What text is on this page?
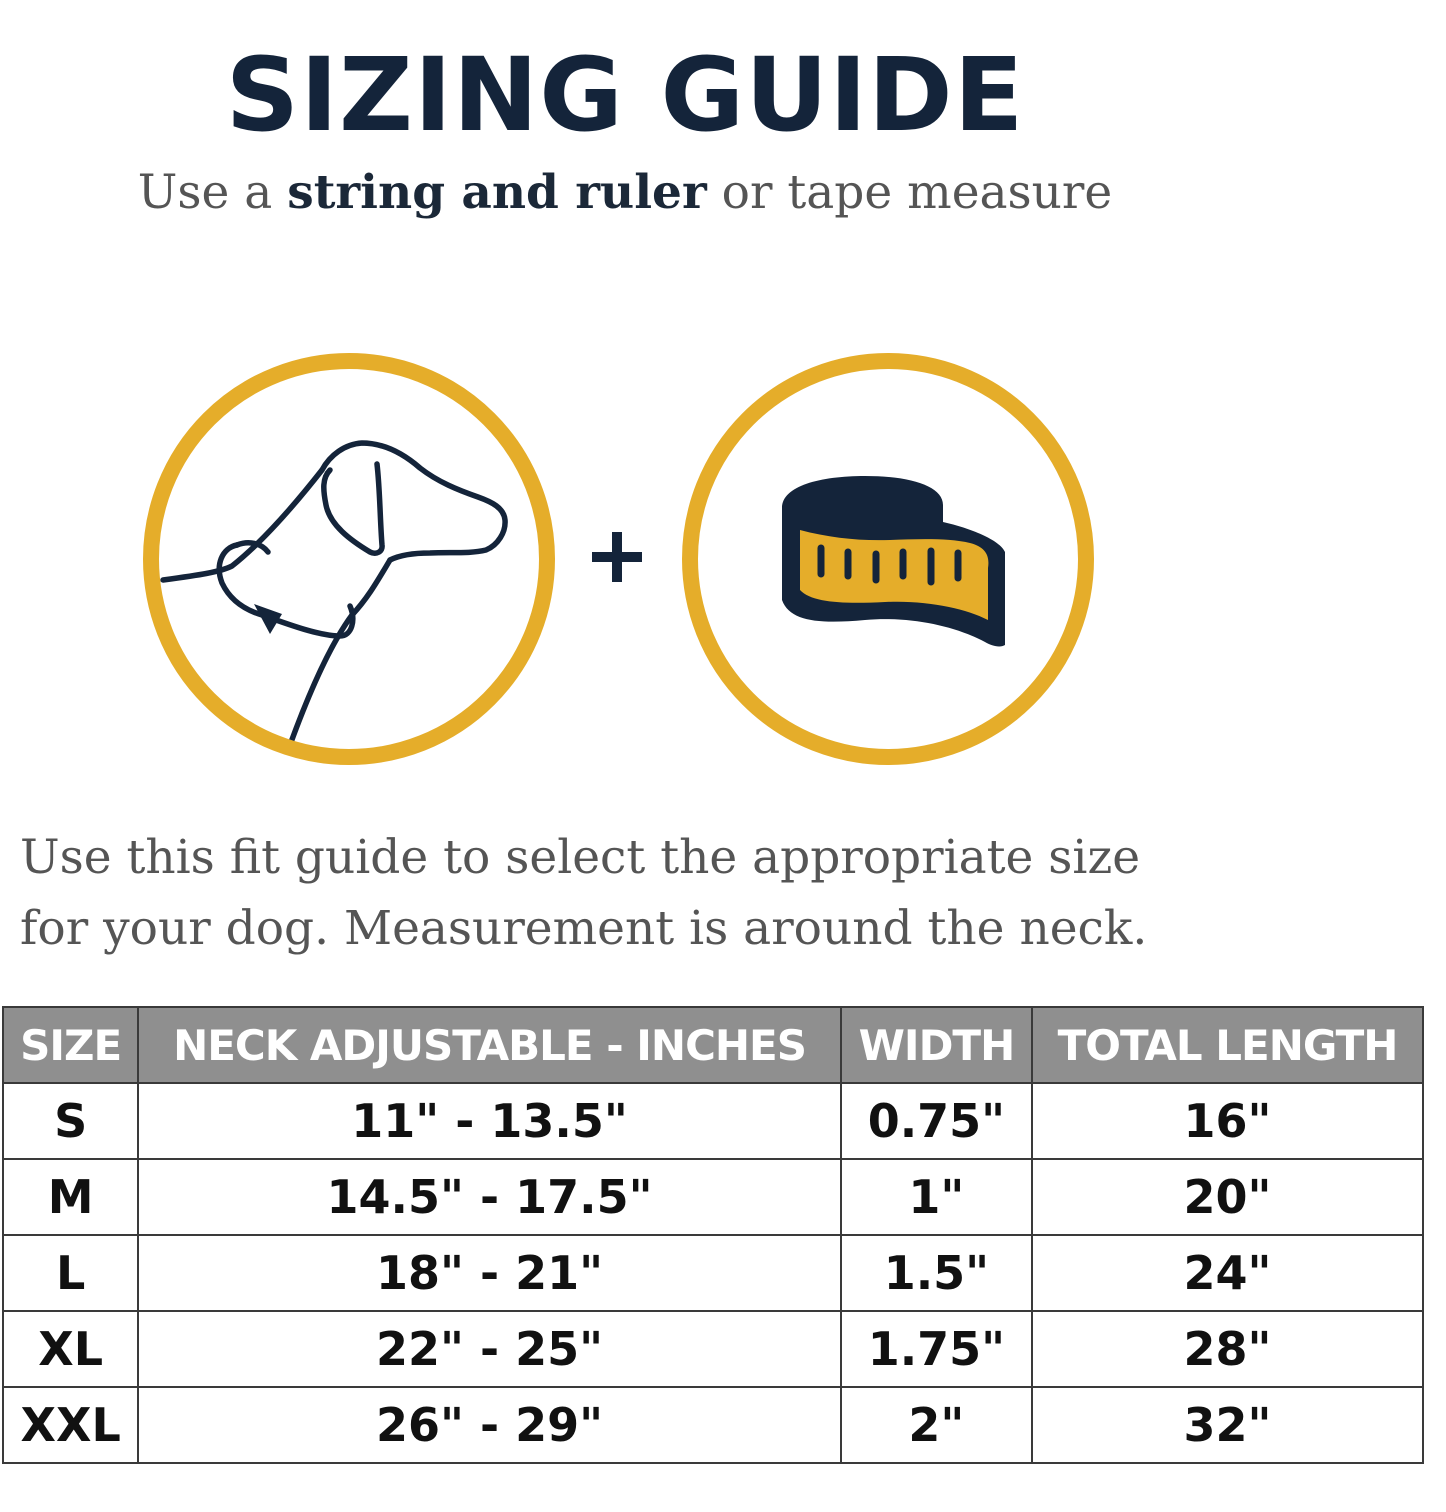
SIZING GUIDE

Use a string and ruler or tape measure

Use this fit guide to select the appropriate size
for your dog. Measurement is around the neck.

SIZE	NECK ADJUSTABLE - INCHES	WIDTH	TOTAL LENGTH
S	11" - 13.5"	0.75"	16"
M	14.5" - 17.5"	1"	20"
L	18" - 21"	1.5"	24"
XL	22" - 25"	1.75"	28"
XXL	26" - 29"	2"	32"
